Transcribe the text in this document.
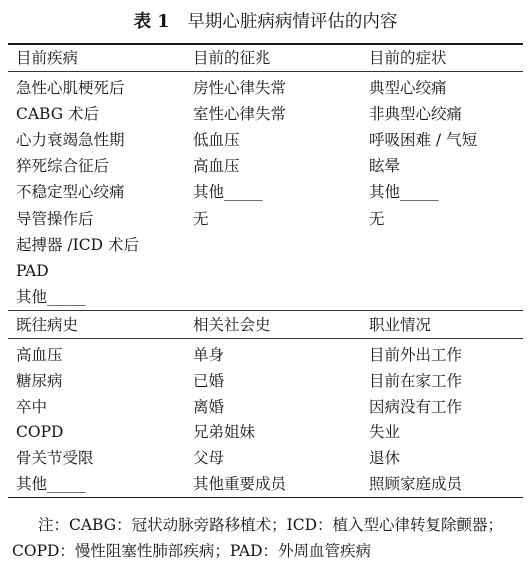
表 1 早期心脏病病情评估的内容
目前疾病	目前的征兆	目前的症状
急性心肌梗死后	房性心律失常	典型心绞痛
CABG 术后	室性心律失常	非典型心绞痛
心力衰竭急性期	低血压	呼吸困难 / 气短
猝死综合征后	高血压	眩晕
不稳定型心绞痛	其他_____	其他_____
导管操作后	无	无
起搏器 /ICD 术后
PAD
其他_____
既往病史	相关社会史	职业情况
高血压	单身	目前外出工作
糖尿病	已婚	目前在家工作
卒中	离婚	因病没有工作
COPD	兄弟姐妹	失业
骨关节受限	父母	退休
其他_____	其他重要成员	照顾家庭成员
注：CABG：冠状动脉旁路移植术；ICD：植入型心律转复除颤器；
COPD：慢性阻塞性肺部疾病；PAD：外周血管疾病
